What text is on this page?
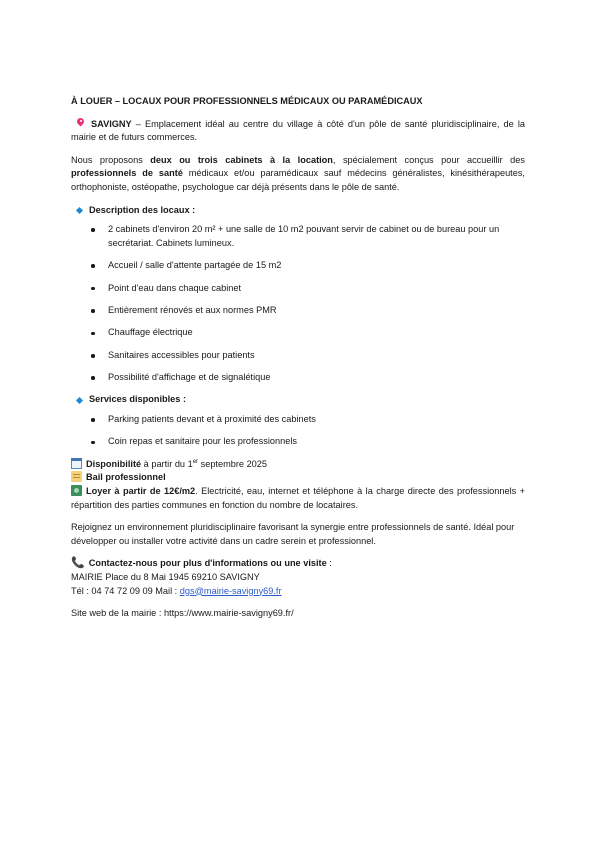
À LOUER – LOCAUX POUR PROFESSIONNELS MÉDICAUX OU PARAMÉDICAUX

SAVIGNY – Emplacement idéal au centre du village à côté d'un pôle de santé pluridisciplinaire, de la mairie et de futurs commerces.

Nous proposons deux ou trois cabinets à la location, spécialement conçus pour accueillir des professionnels de santé médicaux et/ou paramédicaux sauf médecins généralistes, kinésithérapeutes, orthophoniste, ostéopathe, psychologue car déjà présents dans le pôle de santé.

Description des locaux :
2 cabinets d'environ 20 m² + une salle de 10 m2 pouvant servir de cabinet ou de bureau pour un secrétariat. Cabinets lumineux.
Accueil / salle d'attente partagée de 15 m2
Point d'eau dans chaque cabinet
Entièrement rénovés et aux normes PMR
Chauffage électrique
Sanitaires accessibles pour patients
Possibilité d'affichage et de signalétique
Services disponibles :
Parking patients devant et à proximité des cabinets
Coin repas et sanitaire pour les professionnels

Disponibilité à partir du 1er septembre 2025

Bail professionnel

Loyer à partir de 12€/m2. Electricité, eau, internet et téléphone à la charge directe des professionnels + répartition des parties communes en fonction du nombre de locataires.

Rejoignez un environnement pluridisciplinaire favorisant la synergie entre professionnels de santé. Idéal pour développer ou installer votre activité dans un cadre serein et professionnel.

📞 Contactez-nous pour plus d'informations ou une visite :

MAIRIE Place du 8 Mai 1945 69210 SAVIGNY

Tél : 04 74 72 09 09 Mail : dgs@mairie-savigny69.fr

Site web de la mairie : https://www.mairie-savigny69.fr/
